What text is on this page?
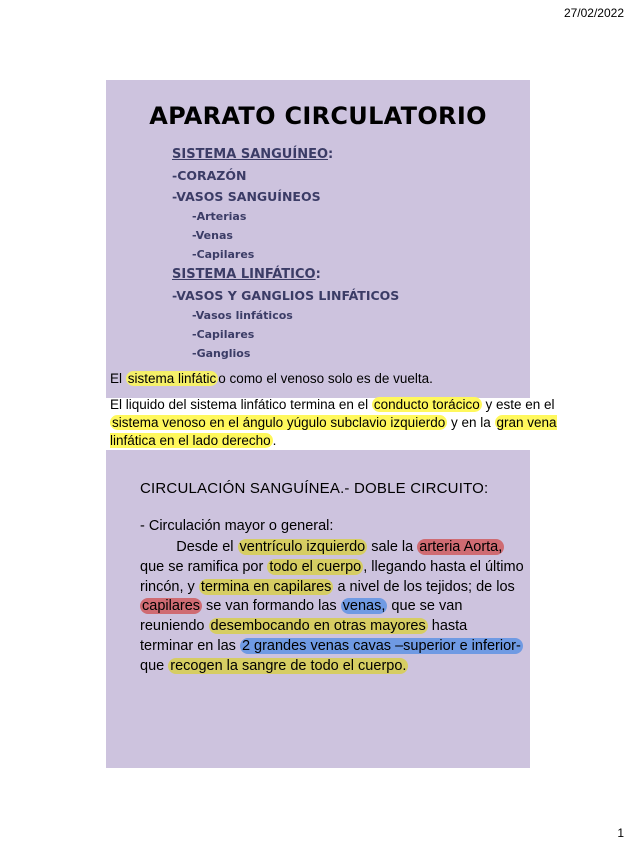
27/02/2022
APARATO CIRCULATORIO
SISTEMA SANGUÍNEO:
-CORAZÓN
-VASOS SANGUÍNEOS
-Arterias
-Venas
-Capilares
SISTEMA LINFÁTICO:
-VASOS Y GANGLIOS LINFÁTICOS
-Vasos linfáticos
-Capilares
-Ganglios
El sistema linfátic o como el venoso solo es de vuelta.
El liquido del sistema linfático termina en el conducto torácico y este en el sistema venoso en el ángulo yúgulo subclavio izquierdo y en la gran vena linfática en el lado derecho .
CIRCULACIÓN SANGUÍNEA.- DOBLE CIRCUITO:
- Circulación mayor o general:
Desde el ventrículo izquierdo sale la arteria Aorta, que se ramifica por todo el cuerpo , llegando hasta el último rincón, y termina en capilares a nivel de los tejidos; de los capilares se van formando las venas, que se van reuniendo desembocando en otras mayores hasta terminar en las 2 grandes venas cavas –superior e inferior- que recogen la sangre de todo el cuerpo.
1
